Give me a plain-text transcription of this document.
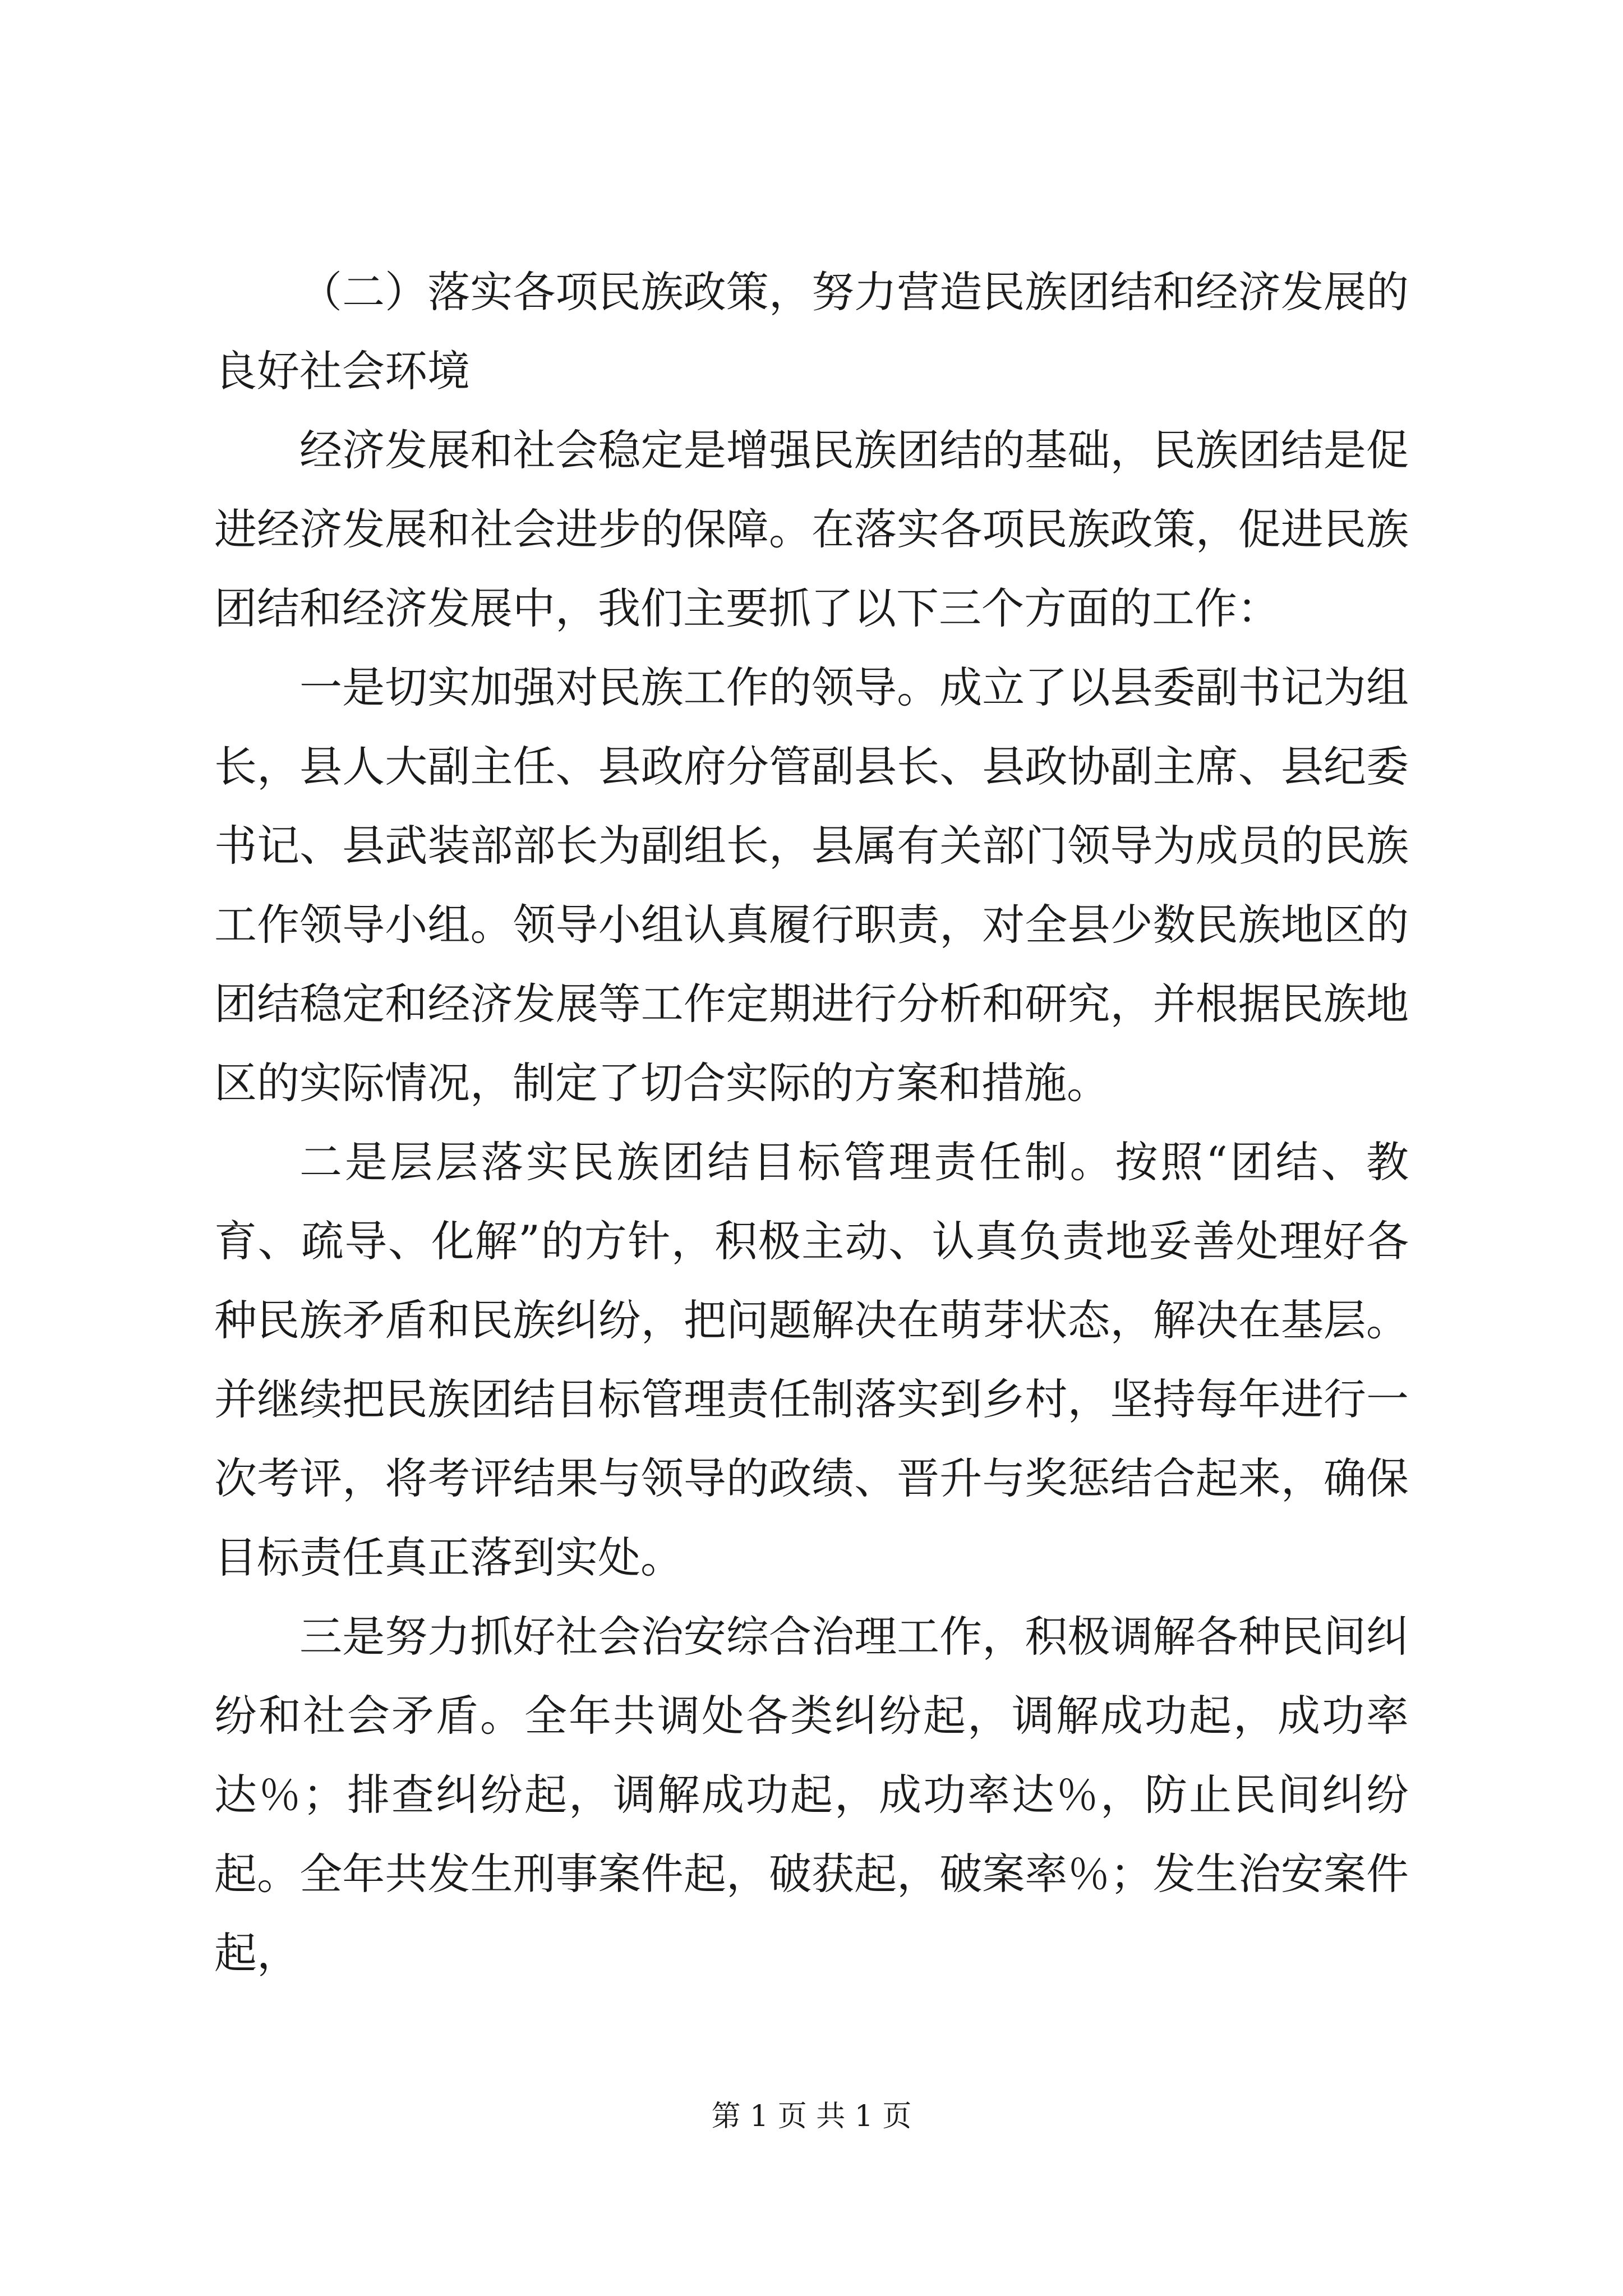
（二）落实各项民族政策，努力营造民族团结和经济发展的良好社会环境

经济发展和社会稳定是增强民族团结的基础，民族团结是促进经济发展和社会进步的保障。在落实各项民族政策，促进民族团结和经济发展中，我们主要抓了以下三个方面的工作：

一是切实加强对民族工作的领导。成立了以县委副书记为组长，县人大副主任、县政府分管副县长、县政协副主席、县纪委书记、县武装部部长为副组长，县属有关部门领导为成员的民族工作领导小组。领导小组认真履行职责，对全县少数民族地区的团结稳定和经济发展等工作定期进行分析和研究，并根据民族地区的实际情况，制定了切合实际的方案和措施。

二是层层落实民族团结目标管理责任制。按照“团结、教育、疏导、化解”的方针，积极主动、认真负责地妥善处理好各种民族矛盾和民族纠纷，把问题解决在萌芽状态，解决在基层。并继续把民族团结目标管理责任制落实到乡村，坚持每年进行一次考评，将考评结果与领导的政绩、晋升与奖惩结合起来，确保目标责任真正落到实处。

三是努力抓好社会治安综合治理工作，积极调解各种民间纠纷和社会矛盾。全年共调处各类纠纷起，调解成功起，成功率达％；排查纠纷起，调解成功起，成功率达％，防止民间纠纷起。全年共发生刑事案件起，破获起，破案率％；发生治安案件起，

第 1 页 共 1 页
